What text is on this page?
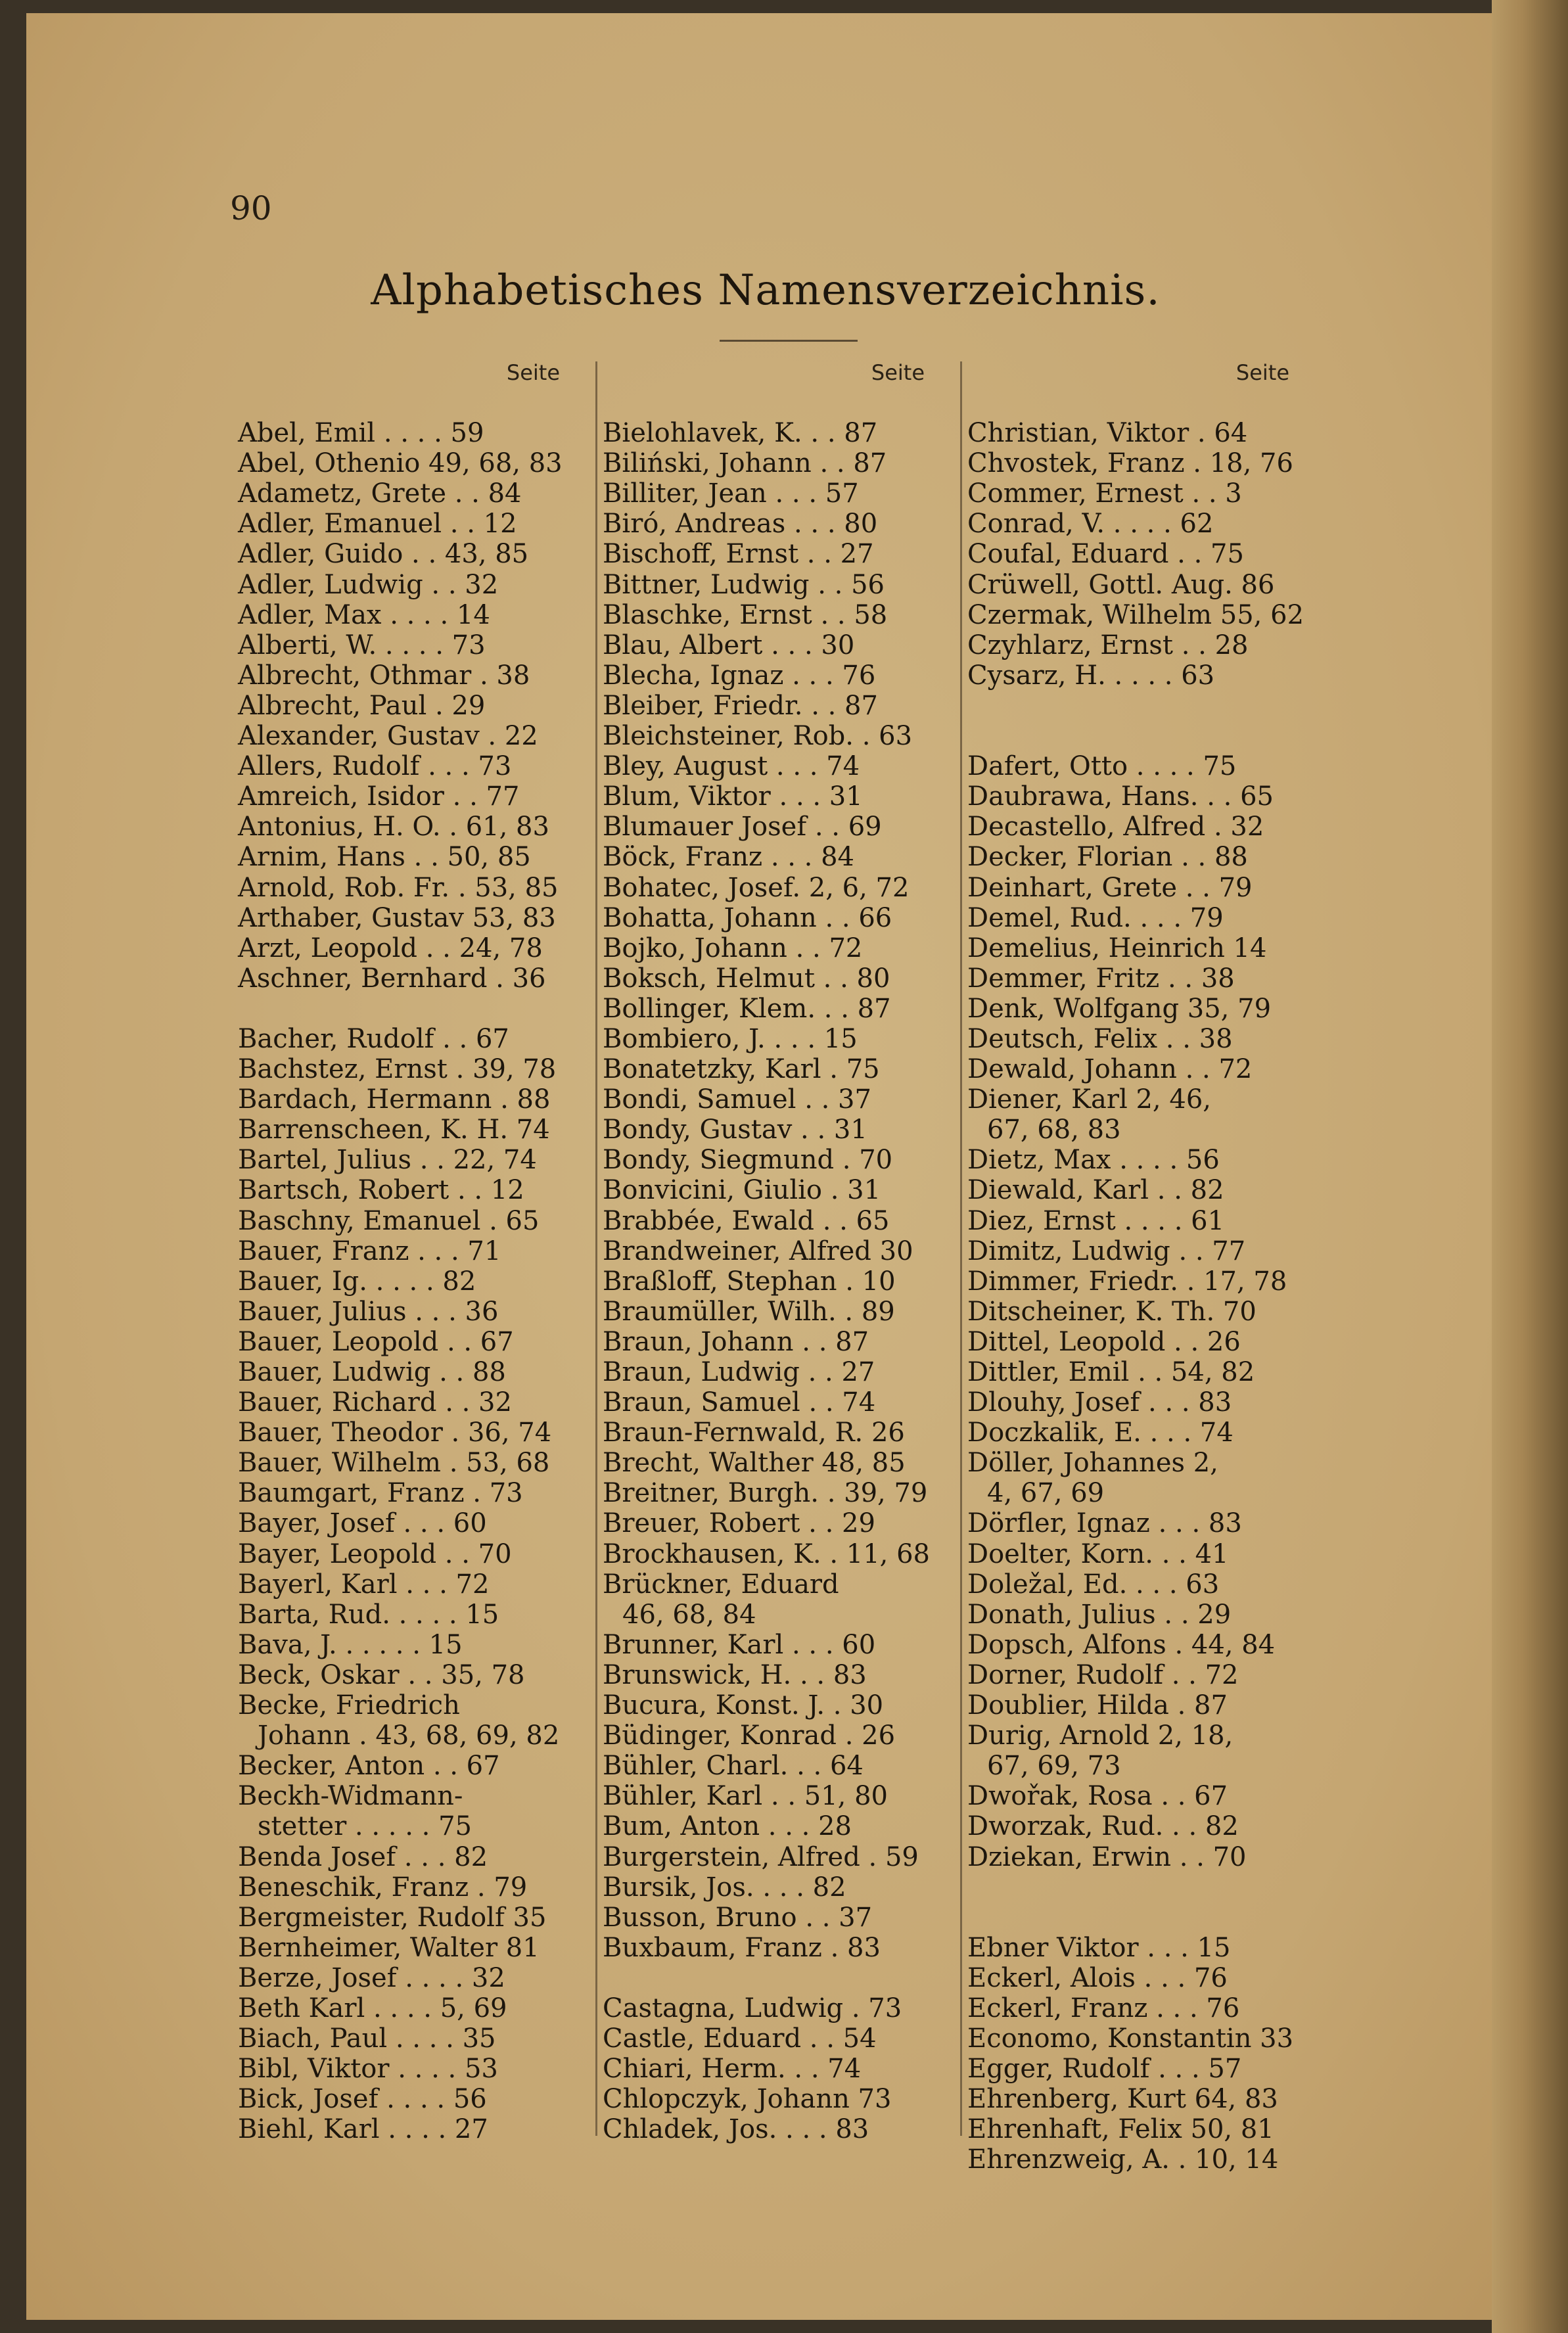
90
Alphabetisches Namensverzeichnis.
Seite
Abel, Emil . . . . 59
Abel, Othenio 49, 68, 83
Adametz, Grete . . 84
Adler, Emanuel . . 12
Adler, Guido . . 43, 85
Adler, Ludwig . . 32
Adler, Max . . . . 14
Alberti, W. . . . . 73
Albrecht, Othmar . 38
Albrecht, Paul . 29
Alexander, Gustav . 22
Allers, Rudolf . . . 73
Amreich, Isidor . . 77
Antonius, H. O. . 61, 83
Arnim, Hans . . 50, 85
Arnold, Rob. Fr. . 53, 85
Arthaber, Gustav 53, 83
Arzt, Leopold . . 24, 78
Aschner, Bernhard . 36
Bacher, Rudolf . . 67
Bachstez, Ernst . 39, 78
Bardach, Hermann . 88
Barrenscheen, K. H. 74
Bartel, Julius . . 22, 74
Bartsch, Robert . . 12
Baschny, Emanuel . 65
Bauer, Franz . . . 71
Bauer, Ig. . . . . 82
Bauer, Julius . . . 36
Bauer, Leopold . . 67
Bauer, Ludwig . . 88
Bauer, Richard . . 32
Bauer, Theodor . 36, 74
Bauer, Wilhelm . 53, 68
Baumgart, Franz . 73
Bayer, Josef . . . 60
Bayer, Leopold . . 70
Bayerl, Karl . . . 72
Barta, Rud. . . . . 15
Bava, J. . . . . . 15
Beck, Oskar . . 35, 78
Becke, Friedrich
Johann . 43, 68, 69, 82
Becker, Anton . . 67
Beckh-Widmann-
stetter . . . . . 75
Benda Josef . . . 82
Beneschik, Franz . 79
Bergmeister, Rudolf 35
Bernheimer, Walter 81
Berze, Josef . . . . 32
Beth Karl . . . . 5, 69
Biach, Paul . . . . 35
Bibl, Viktor . . . . 53
Bick, Josef . . . . 56
Biehl, Karl . . . . 27
Seite
Bielohlavek, K. . . 87
Biliński, Johann . . 87
Billiter, Jean . . . 57
Biró, Andreas . . . 80
Bischoff, Ernst . . 27
Bittner, Ludwig . . 56
Blaschke, Ernst . . 58
Blau, Albert . . . 30
Blecha, Ignaz . . . 76
Bleiber, Friedr. . . 87
Bleichsteiner, Rob. . 63
Bley, August . . . 74
Blum, Viktor . . . 31
Blumauer Josef . . 69
Böck, Franz . . . 84
Bohatec, Josef. 2, 6, 72
Bohatta, Johann . . 66
Bojko, Johann . . 72
Boksch, Helmut . . 80
Bollinger, Klem. . . 87
Bombiero, J. . . . 15
Bonatetzky, Karl . 75
Bondi, Samuel . . 37
Bondy, Gustav . . 31
Bondy, Siegmund . 70
Bonvicini, Giulio . 31
Brabbée, Ewald . . 65
Brandweiner, Alfred 30
Braßloff, Stephan . 10
Braumüller, Wilh. . 89
Braun, Johann . . 87
Braun, Ludwig . . 27
Braun, Samuel . . 74
Braun-Fernwald, R. 26
Brecht, Walther 48, 85
Breitner, Burgh. . 39, 79
Breuer, Robert . . 29
Brockhausen, K. . 11, 68
Brückner, Eduard
46, 68, 84
Brunner, Karl . . . 60
Brunswick, H. . . 83
Bucura, Konst. J. . 30
Büdinger, Konrad . 26
Bühler, Charl. . . 64
Bühler, Karl . . 51, 80
Bum, Anton . . . 28
Burgerstein, Alfred . 59
Bursik, Jos. . . . 82
Busson, Bruno . . 37
Buxbaum, Franz . 83
Castagna, Ludwig . 73
Castle, Eduard . . 54
Chiari, Herm. . . 74
Chlopczyk, Johann 73
Chladek, Jos. . . . 83
Seite
Christian, Viktor . 64
Chvostek, Franz . 18, 76
Commer, Ernest . . 3
Conrad, V. . . . . 62
Coufal, Eduard . . 75
Crüwell, Gottl. Aug. 86
Czermak, Wilhelm 55, 62
Czyhlarz, Ernst . . 28
Cysarz, H. . . . . 63
Dafert, Otto . . . . 75
Daubrawa, Hans. . . 65
Decastello, Alfred . 32
Decker, Florian . . 88
Deinhart, Grete . . 79
Demel, Rud. . . . 79
Demelius, Heinrich 14
Demmer, Fritz . . 38
Denk, Wolfgang 35, 79
Deutsch, Felix . . 38
Dewald, Johann . . 72
Diener, Karl 2, 46,
67, 68, 83
Dietz, Max . . . . 56
Diewald, Karl . . 82
Diez, Ernst . . . . 61
Dimitz, Ludwig . . 77
Dimmer, Friedr. . 17, 78
Ditscheiner, K. Th. 70
Dittel, Leopold . . 26
Dittler, Emil . . 54, 82
Dlouhy, Josef . . . 83
Doczkalik, E. . . . 74
Döller, Johannes 2,
4, 67, 69
Dörfler, Ignaz . . . 83
Doelter, Korn. . . 41
Doležal, Ed. . . . 63
Donath, Julius . . 29
Dopsch, Alfons . 44, 84
Dorner, Rudolf . . 72
Doublier, Hilda . 87
Durig, Arnold 2, 18,
67, 69, 73
Dwořak, Rosa . . 67
Dworzak, Rud. . . 82
Dziekan, Erwin . . 70
Ebner Viktor . . . 15
Eckerl, Alois . . . 76
Eckerl, Franz . . . 76
Economo, Konstantin 33
Egger, Rudolf . . . 57
Ehrenberg, Kurt 64, 83
Ehrenhaft, Felix 50, 81
Ehrenzweig, A. . 10, 14
